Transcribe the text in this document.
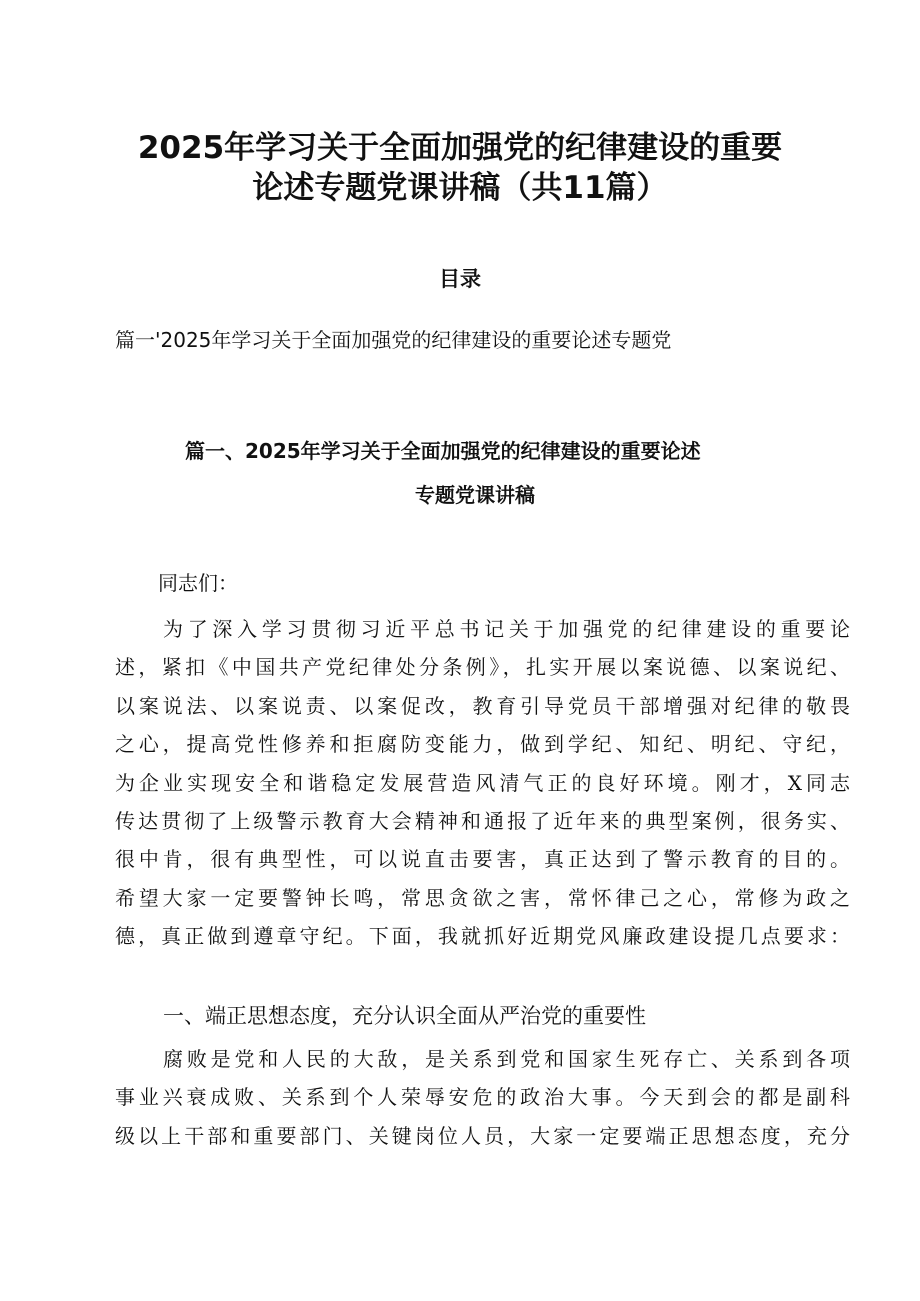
2025年学习关于全面加强党的纪律建设的重要
论述专题党课讲稿（共11篇）
目录
篇一'2025年学习关于全面加强党的纪律建设的重要论述专题党
篇一、2025年学习关于全面加强党的纪律建设的重要论述
专题党课讲稿
同志们：
为了深入学习贯彻习近平总书记关于加强党的纪律建设的重要论
述，紧扣《中国共产党纪律处分条例》，扎实开展以案说德、以案说纪、
以案说法、以案说责、以案促改，教育引导党员干部增强对纪律的敬畏
之心，提高党性修养和拒腐防变能力，做到学纪、知纪、明纪、守纪，
为企业实现安全和谐稳定发展营造风清气正的良好环境。刚才，X同志
传达贯彻了上级警示教育大会精神和通报了近年来的典型案例，很务实、
很中肯，很有典型性，可以说直击要害，真正达到了警示教育的目的。
希望大家一定要警钟长鸣，常思贪欲之害，常怀律己之心，常修为政之
德，真正做到遵章守纪。下面，我就抓好近期党风廉政建设提几点要求：
一、端正思想态度，充分认识全面从严治党的重要性
腐败是党和人民的大敌，是关系到党和国家生死存亡、关系到各项
事业兴衰成败、关系到个人荣辱安危的政治大事。今天到会的都是副科
级以上干部和重要部门、关键岗位人员，大家一定要端正思想态度，充分
